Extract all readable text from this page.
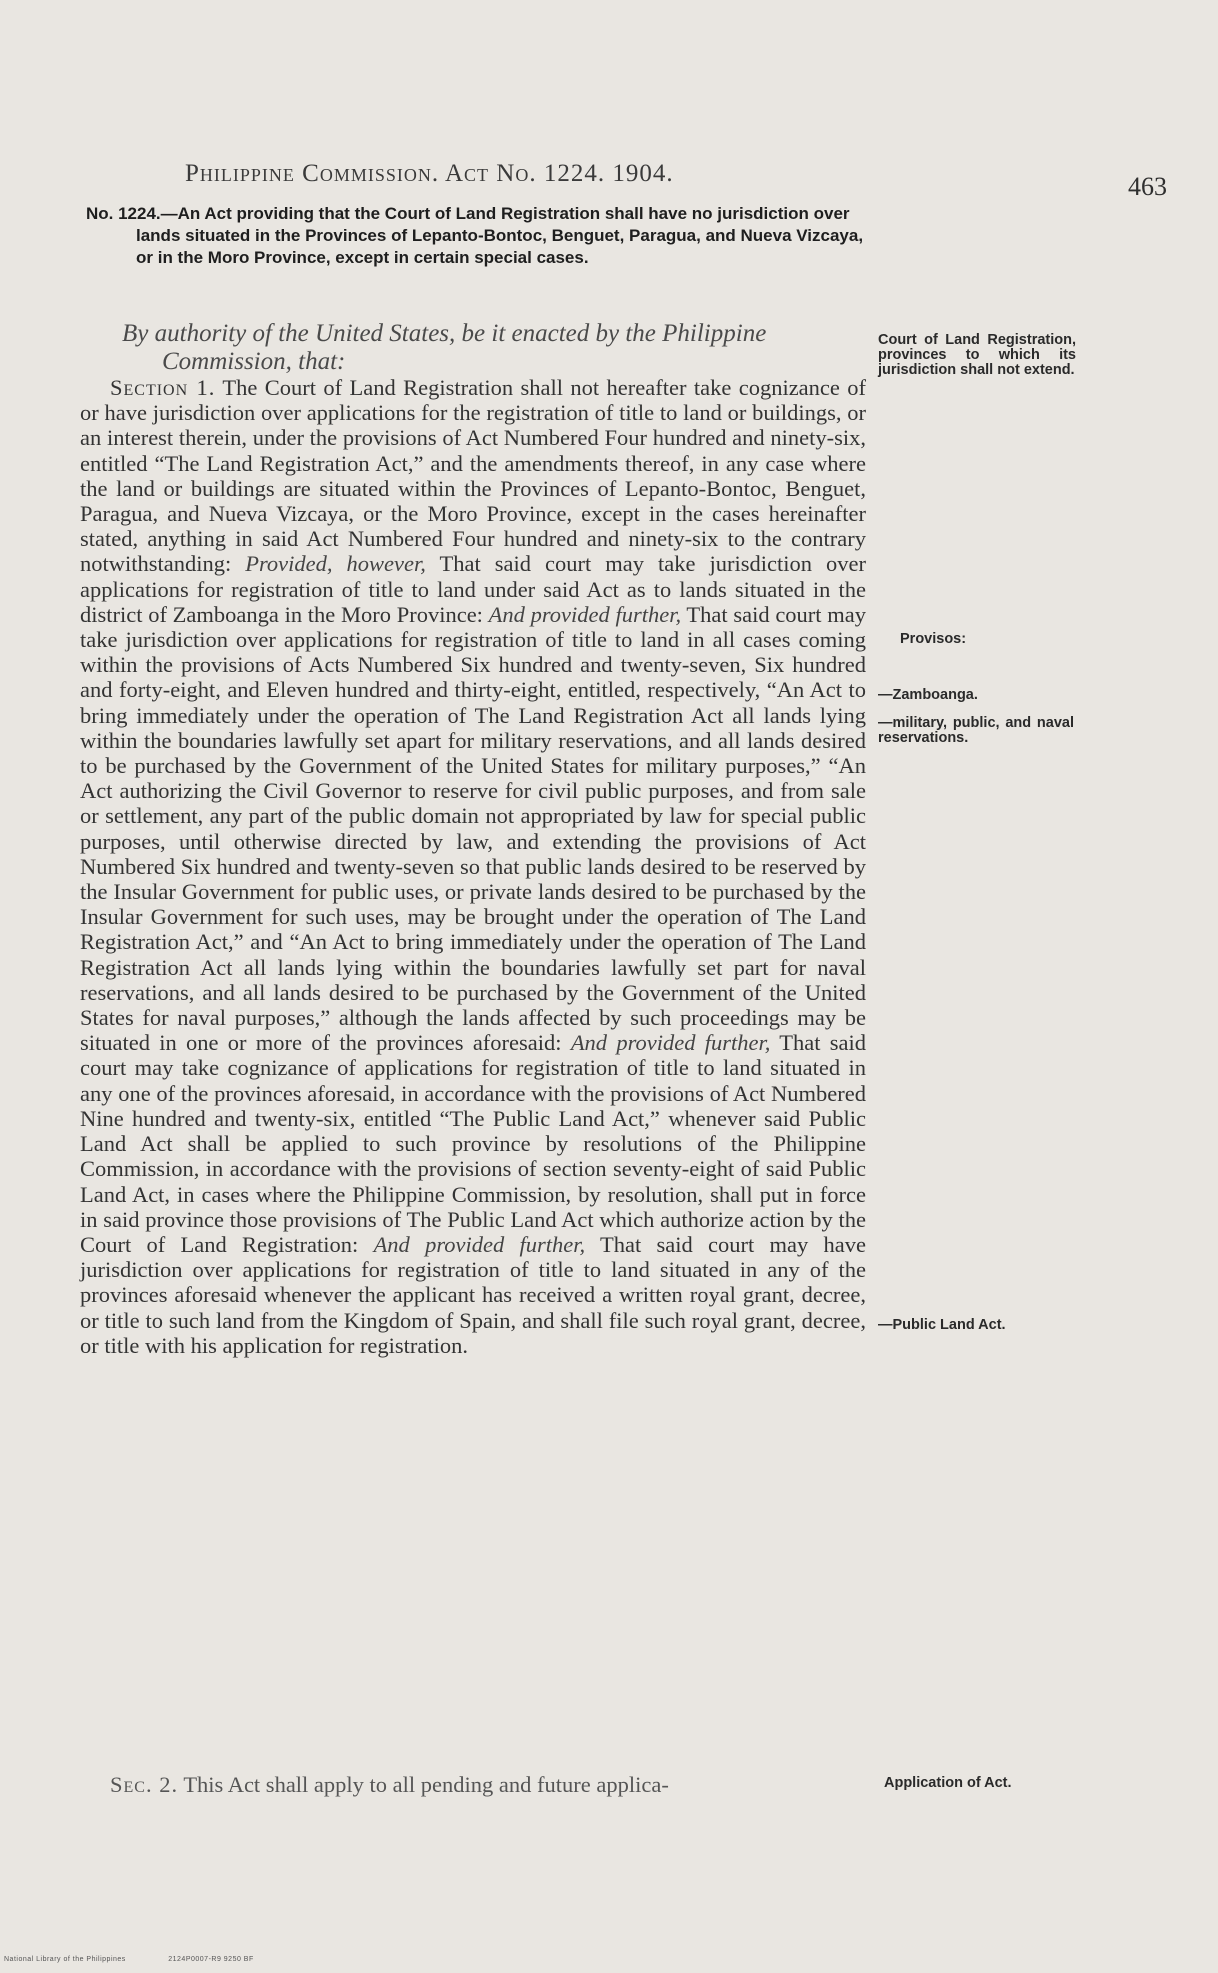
Philippine Commission. Act No. 1224. 1904.	463
No. 1224.—An Act providing that the Court of Land Registration shall have no jurisdiction over lands situated in the Provinces of Lepanto-Bontoc, Benguet, Paragua, and Nueva Vizcaya, or in the Moro Province, except in certain special cases.
By authority of the United States, be it enacted by the Philippine
Commission, that:
Section 1. The Court of Land Registration shall not hereafter take cognizance of or have jurisdiction over applications for the registration of title to land or buildings, or an interest therein, under the provisions of Act Numbered Four hundred and ninety-six, entitled “The Land Registration Act,” and the amendments thereof, in any case where the land or buildings are situated within the Provinces of Lepanto-Bontoc, Benguet, Paragua, and Nueva Vizcaya, or the Moro Province, except in the cases hereinafter stated, anything in said Act Numbered Four hundred and ninety-six to the contrary notwithstanding: Provided, however, That said court may take jurisdiction over applications for registration of title to land under said Act as to lands situated in the district of Zamboanga in the Moro Province: And provided further, That said court may take jurisdiction over applications for registration of title to land in all cases coming within the provisions of Acts Numbered Six hundred and twenty-seven, Six hundred and forty-eight, and Eleven hundred and thirty-eight, entitled, respectively, “An Act to bring immediately under the operation of The Land Registration Act all lands lying within the boundaries lawfully set apart for military reservations, and all lands desired to be purchased by the Government of the United States for military purposes,” “An Act authorizing the Civil Governor to reserve for civil public purposes, and from sale or settlement, any part of the public domain not appropriated by law for special public purposes, until otherwise directed by law, and extending the provisions of Act Numbered Six hundred and twenty-seven so that public lands desired to be reserved by the Insular Government for public uses, or private lands desired to be purchased by the Insular Government for such uses, may be brought under the operation of The Land Registration Act,” and “An Act to bring immediately under the operation of The Land Registration Act all lands lying within the boundaries lawfully set part for naval reservations, and all lands desired to be purchased by the Government of the United States for naval purposes,” although the lands affected by such proceedings may be situated in one or more of the provinces aforesaid: And provided further, That said court may take cognizance of applications for registration of title to land situated in any one of the provinces aforesaid, in accordance with the provisions of Act Numbered Nine hundred and twenty-six, entitled “The Public Land Act,” whenever said Public Land Act shall be applied to such province by resolutions of the Philippine Commission, in accordance with the provisions of section seventy-eight of said Public Land Act, in cases where the Philippine Commission, by resolution, shall put in force in said province those provisions of The Public Land Act which authorize action by the Court of Land Registration: And provided further, That said court may have jurisdiction over applications for registration of title to land situated in any of the provinces aforesaid whenever the applicant has received a written royal grant, decree, or title to such land from the Kingdom of Spain, and shall file such royal grant, decree, or title with his application for registration.
Sec. 2. This Act shall apply to all pending and future applica-
Court of Land Registration, provinces to which its jurisdiction shall not extend.
Provisos:
—Zamboanga.
—military, public, and naval reservations.
—Public Land Act.
Application of Act.
National Library of the Philippines	2124P0007-R9 9250 BF
